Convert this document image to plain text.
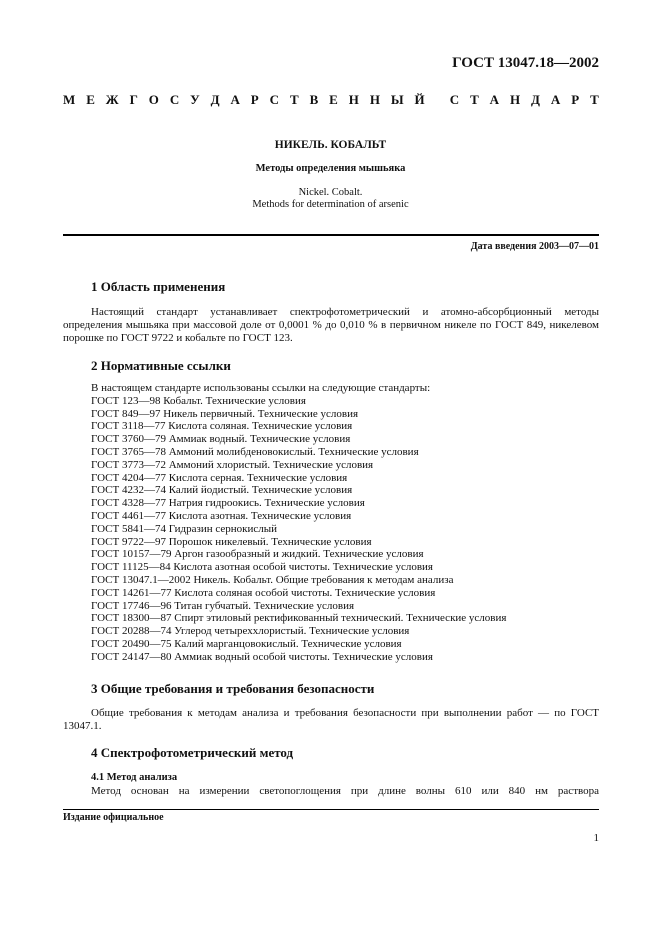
ГОСТ 13047.18—2002
М Е Ж Г О С У Д А Р С Т В Е Н Н Ы Й
С Т А Н Д А Р Т
НИКЕЛЬ. КОБАЛЬТ
Методы определения мышьяка
Nickel. Cobalt.
Methods for determination of arsenic
Дата введения 2003—07—01
1 Область применения
Настоящий стандарт устанавливает спектрофотометрический и атомно-абсорбционный методы определения мышьяка при массовой доле от 0,0001 % до 0,010 % в первичном никеле по ГОСТ 849, никелевом порошке по ГОСТ 9722 и кобальте по ГОСТ 123.
2 Нормативные ссылки
В настоящем стандарте использованы ссылки на следующие стандарты:
ГОСТ 123—98 Кобальт. Технические условия
ГОСТ 849—97 Никель первичный. Технические условия
ГОСТ 3118—77 Кислота соляная. Технические условия
ГОСТ 3760—79 Аммиак водный. Технические условия
ГОСТ 3765—78 Аммоний молибденовокислый. Технические условия
ГОСТ 3773—72 Аммоний хлористый. Технические условия
ГОСТ 4204—77 Кислота серная. Технические условия
ГОСТ 4232—74 Калий йодистый. Технические условия
ГОСТ 4328—77 Натрия гидроокись. Технические условия
ГОСТ 4461—77 Кислота азотная. Технические условия
ГОСТ 5841—74 Гидразин сернокислый
ГОСТ 9722—97 Порошок никелевый. Технические условия
ГОСТ 10157—79 Аргон газообразный и жидкий. Технические условия
ГОСТ 11125—84 Кислота азотная особой чистоты. Технические условия
ГОСТ 13047.1—2002 Никель. Кобальт. Общие требования к методам анализа
ГОСТ 14261—77 Кислота соляная особой чистоты. Технические условия
ГОСТ 17746—96 Титан губчатый. Технические условия
ГОСТ 18300—87 Спирт этиловый ректификованный технический. Технические условия
ГОСТ 20288—74 Углерод четыреххлористый. Технические условия
ГОСТ 20490—75 Калий марганцовокислый. Технические условия
ГОСТ 24147—80 Аммиак водный особой чистоты. Технические условия
3 Общие требования и требования безопасности
Общие требования к методам анализа и требования безопасности при выполнении работ — по ГОСТ 13047.1.
4 Спектрофотометрический метод
4.1 Метод анализа
Метод основан на измерении светопоглощения при длине волны 610 или 840 нм раствора
Издание официальное
1
